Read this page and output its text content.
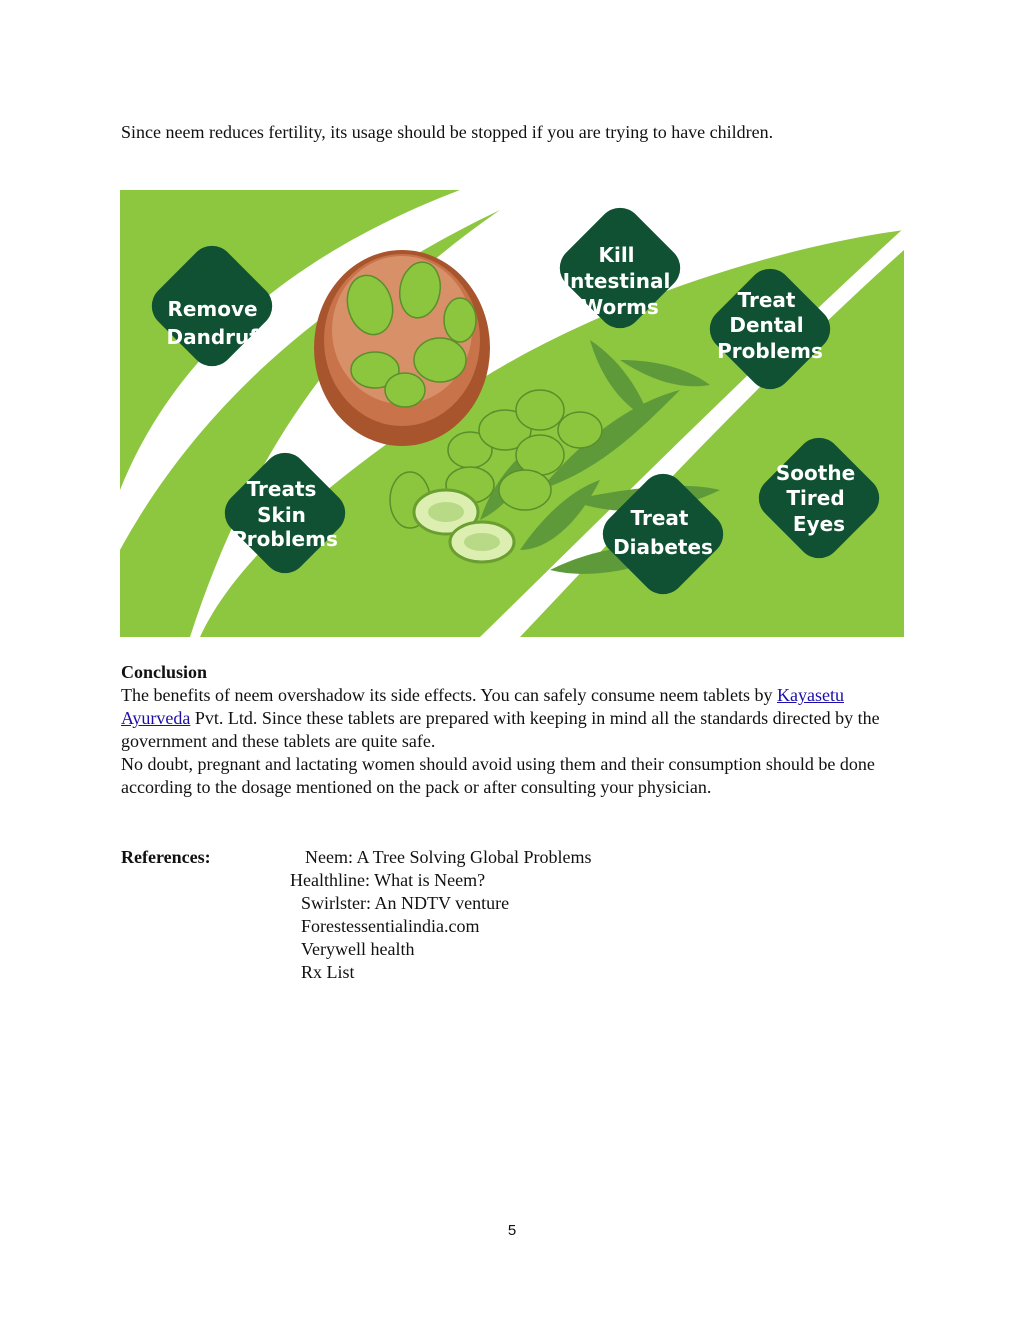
Since neem reduces fertility, its usage should be stopped if you are trying to have children.

Remove Dandruff
Kill Intestinal Worms	Treat Dental Problems
Treats Skin Problems
Treat Diabetes
Soothe Tired Eyes

Conclusion

The benefits of neem overshadow its side effects. You can safely consume neem tablets by Kayasetu Ayurveda Pvt. Ltd. Since these tablets are prepared with keeping in mind all the standards directed by the government and these tablets are quite safe.
No doubt, pregnant and lactating women should avoid using them and their consumption should be done according to the dosage mentioned on the pack or after consulting your physician.

References:	Neem: A Tree Solving Global Problems

Healthline: What is Neem?

Swirlster: An NDTV venture

Forestessentialindia.com

Verywell health

Rx List

5
